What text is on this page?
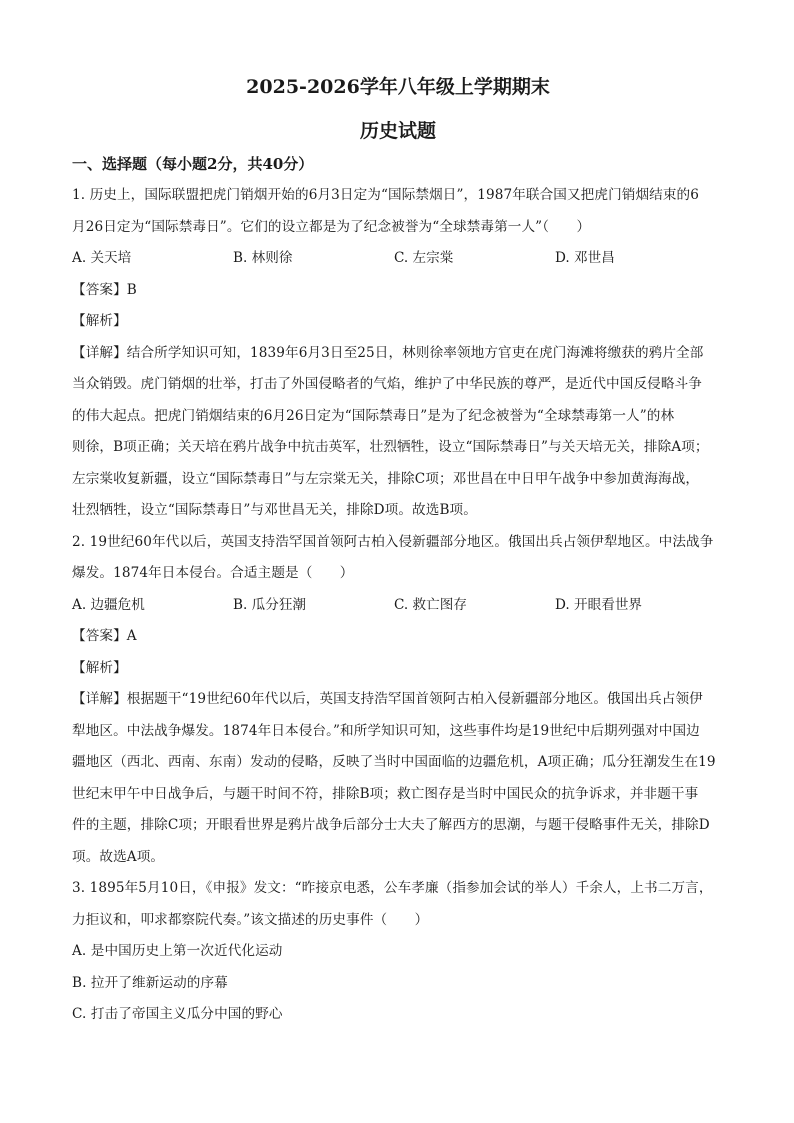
2025-2026学年八年级上学期期末
历史试题
一、选择题（每小题2分，共40分）

1. 历史上，国际联盟把虎门销烟开始的6月3日定为“国际禁烟日”，1987年联合国又把虎门销烟结束的6

月26日定为“国际禁毒日”。它们的设立都是为了纪念被誉为“全球禁毒第一人”（　　）

A. 关天培	B. 林则徐	C. 左宗棠	D. 邓世昌

【答案】B

【解析】

【详解】结合所学知识可知，1839年6月3日至25日，林则徐率领地方官吏在虎门海滩将缴获的鸦片全部

当众销毁。虎门销烟的壮举，打击了外国侵略者的气焰，维护了中华民族的尊严，是近代中国反侵略斗争

的伟大起点。把虎门销烟结束的6月26日定为“国际禁毒日”是为了纪念被誉为“全球禁毒第一人”的林

则徐，B项正确；关天培在鸦片战争中抗击英军，壮烈牺牲，设立“国际禁毒日”与关天培无关，排除A项；

左宗棠收复新疆，设立“国际禁毒日”与左宗棠无关，排除C项；邓世昌在中日甲午战争中参加黄海海战，

壮烈牺牲，设立“国际禁毒日”与邓世昌无关，排除D项。故选B项。

2. 19世纪60年代以后，英国支持浩罕国首领阿古柏入侵新疆部分地区。俄国出兵占领伊犁地区。中法战争

爆发。1874年日本侵台。合适主题是（　　）

A. 边疆危机	B. 瓜分狂潮	C. 救亡图存	D. 开眼看世界

【答案】A

【解析】

【详解】根据题干“19世纪60年代以后，英国支持浩罕国首领阿古柏入侵新疆部分地区。俄国出兵占领伊

犁地区。中法战争爆发。1874年日本侵台。”和所学知识可知，这些事件均是19世纪中后期列强对中国边

疆地区（西北、西南、东南）发动的侵略，反映了当时中国面临的边疆危机，A项正确；瓜分狂潮发生在19

世纪末甲午中日战争后，与题干时间不符，排除B项；救亡图存是当时中国民众的抗争诉求，并非题干事

件的主题，排除C项；开眼看世界是鸦片战争后部分士大夫了解西方的思潮，与题干侵略事件无关，排除D

项。故选A项。

3. 1895年5月10日，《申报》发文：“昨接京电悉，公车孝廉（指参加会试的举人）千余人，上书二万言，

力拒议和，叩求都察院代奏。”该文描述的历史事件（　　）

A. 是中国历史上第一次近代化运动

B. 拉开了维新运动的序幕

C. 打击了帝国主义瓜分中国的野心
